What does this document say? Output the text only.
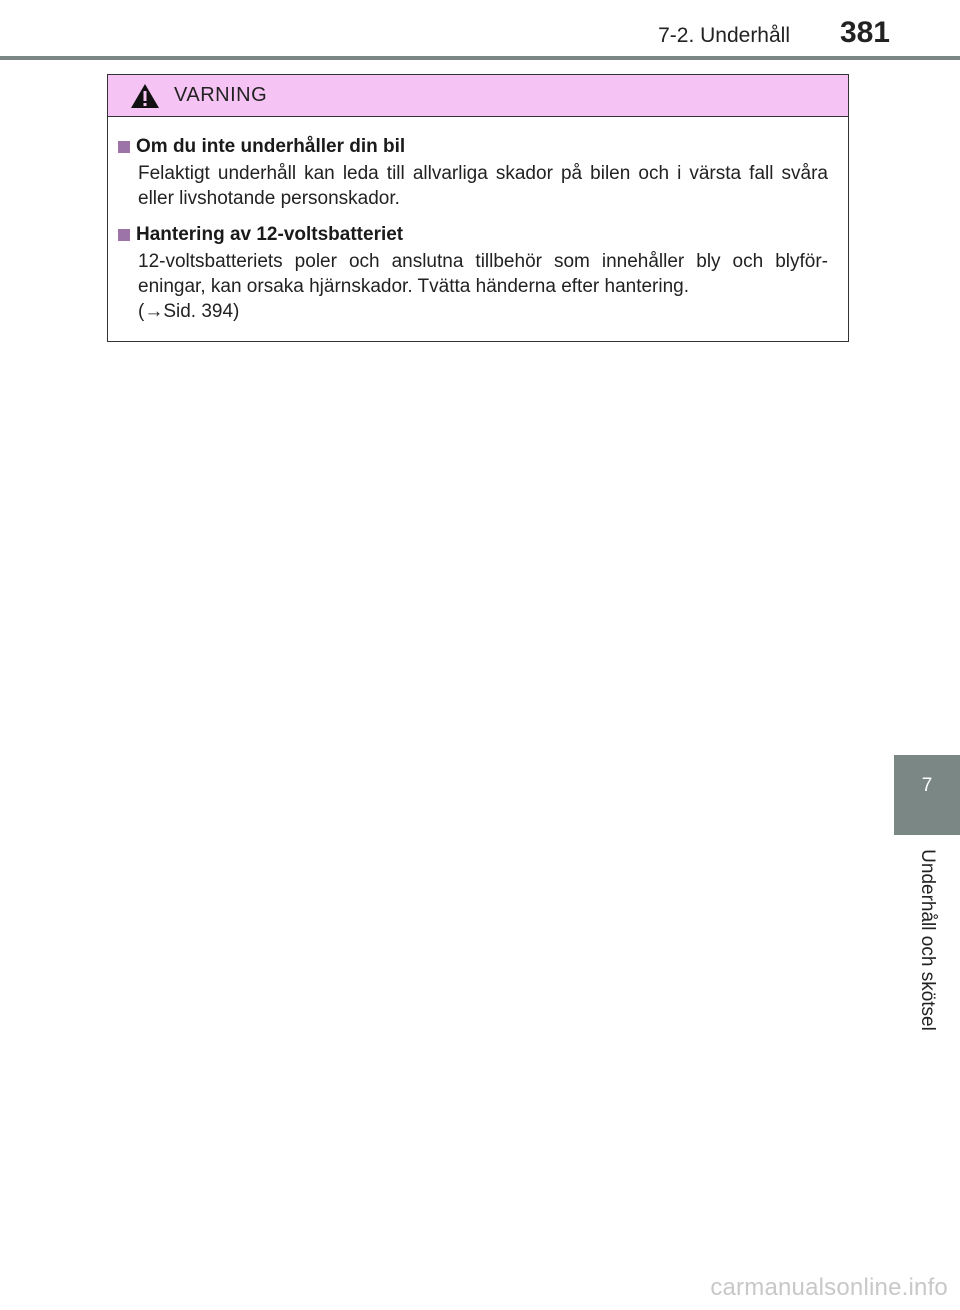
7-2. Underhåll	381
VARNING
Om du inte underhåller din bil
Felaktigt underhåll kan leda till allvarliga skador på bilen och i värsta fall svåra eller livshotande personskador.
Hantering av 12-voltsbatteriet
12-voltsbatteriets poler och anslutna tillbehör som innehåller bly och blyför-eningar, kan orsaka hjärnskador. Tvätta händerna efter hantering.
(→Sid. 394)
7
Underhåll och skötsel
carmanualsonline.info
